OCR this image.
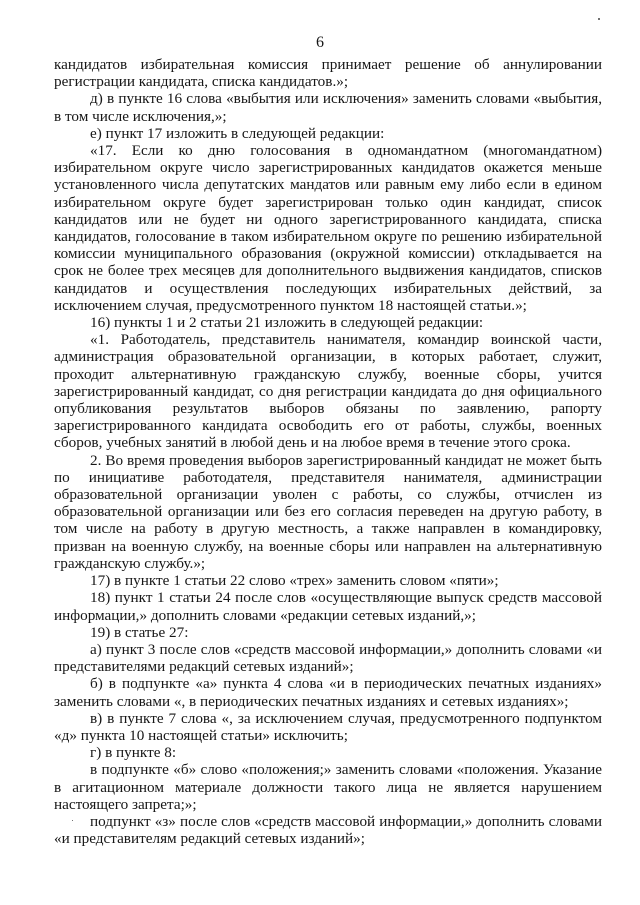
6

кандидатов избирательная комиссия принимает решение об аннулировании регистрации кандидата, списка кандидатов.»;

д) в пункте 16 слова «выбытия или исключения» заменить словами «выбытия, в том числе исключения,»;

е) пункт 17 изложить в следующей редакции:

«17. Если ко дню голосования в одномандатном (многомандатном) избирательном округе число зарегистрированных кандидатов окажется меньше установленного числа депутатских мандатов или равным ему либо если в едином избирательном округе будет зарегистрирован только один кандидат, список кандидатов или не будет ни одного зарегистрированного кандидата, списка кандидатов, голосование в таком избирательном округе по решению избирательной комиссии муниципального образования (окружной комиссии) откладывается на срок не более трех месяцев для дополнительного выдвижения кандидатов, списков кандидатов и осуществления последующих избирательных действий, за исключением случая, предусмотренного пунктом 18 настоящей статьи.»;

16) пункты 1 и 2 статьи 21 изложить в следующей редакции:

«1. Работодатель, представитель нанимателя, командир воинской части, администрация образовательной организации, в которых работает, служит, проходит альтернативную гражданскую службу, военные сборы, учится зарегистрированный кандидат, со дня регистрации кандидата до дня официального опубликования результатов выборов обязаны по заявлению, рапорту зарегистрированного кандидата освободить его от работы, службы, военных сборов, учебных занятий в любой день и на любое время в течение этого срока.

2. Во время проведения выборов зарегистрированный кандидат не может быть по инициативе работодателя, представителя нанимателя, администрации образовательной организации уволен с работы, со службы, отчислен из образовательной организации или без его согласия переведен на другую работу, в том числе на работу в другую местность, а также направлен в командировку, призван на военную службу, на военные сборы или направлен на альтернативную гражданскую службу.»;

17) в пункте 1 статьи 22 слово «трех» заменить словом «пяти»;

18) пункт 1 статьи 24 после слов «осуществляющие выпуск средств массовой информации,» дополнить словами «редакции сетевых изданий,»;

19) в статье 27:

а) пункт 3 после слов «средств массовой информации,» дополнить словами «и представителями редакций сетевых изданий»;

б) в подпункте «а» пункта 4 слова «и в периодических печатных изданиях» заменить словами «, в периодических печатных изданиях и сетевых изданиях»;

в) в пункте 7 слова «, за исключением случая, предусмотренного подпунктом «д» пункта 10 настоящей статьи» исключить;

г) в пункте 8:

в подпункте «б» слово «положения;» заменить словами «положения. Указание в агитационном материале должности такого лица не является нарушением настоящего запрета;»;

подпункт «з» после слов «средств массовой информации,» дополнить словами «и представителям редакций сетевых изданий»;
